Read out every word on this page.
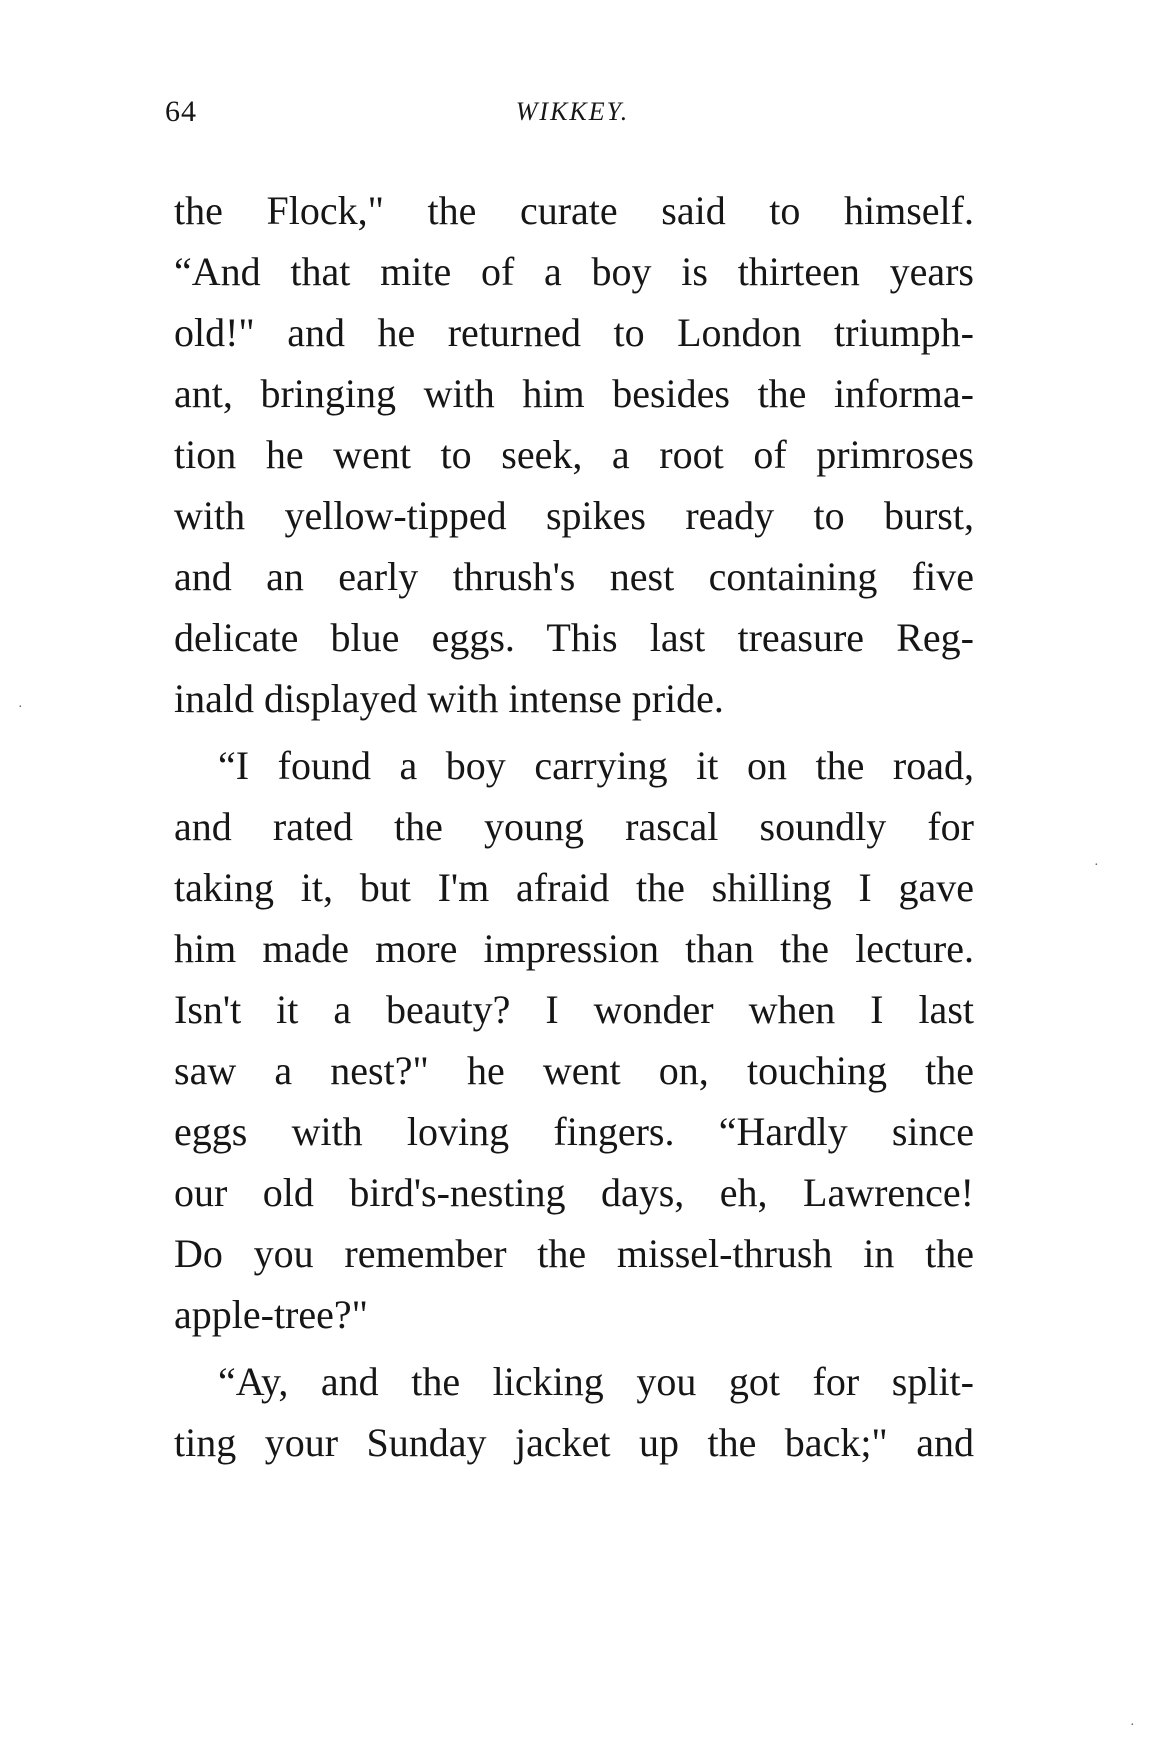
64	WIKKEY.
the Flock," the curate said to himself.
“And that mite of a boy is thirteen years
old!" and he returned to London triumph-
ant, bringing with him besides the informa-
tion he went to seek, a root of primroses
with yellow-tipped spikes ready to burst,
and an early thrush's nest containing five
delicate blue eggs. This last treasure Reg-
inald displayed with intense pride.
“I found a boy carrying it on the road,
and rated the young rascal soundly for
taking it, but I'm afraid the shilling I gave
him made more impression than the lecture.
Isn't it a beauty? I wonder when I last
saw a nest?" he went on, touching the
eggs with loving fingers. “Hardly since
our old bird's-nesting days, eh, Lawrence!
Do you remember the missel-thrush in the
apple-tree?"
“Ay, and the licking you got for split-
ting your Sunday jacket up the back;" and
·
·
·
